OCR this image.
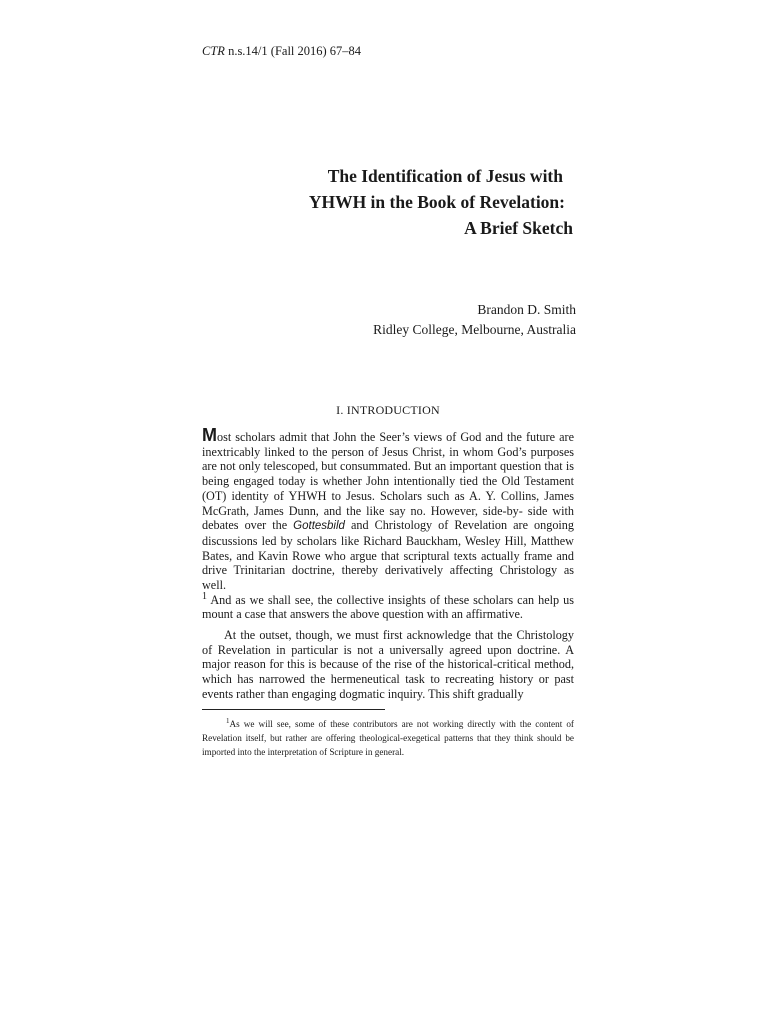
CTR n.s.14/1 (Fall 2016) 67–84
The Identification of Jesus with
YHWH in the Book of Revelation:
A Brief Sketch
Brandon D. Smith
Ridley College, Melbourne, Australia
I. INTRODUCTION
Most scholars admit that John the Seer’s views of God and the future are inextricably linked to the person of Jesus Christ, in whom God’s purposes are not only telescoped, but consummated. But an important question that is being engaged today is whether John intentionally tied the Old Testament (OT) identity of YHWH to Jesus. Scholars such as A. Y. Collins, James McGrath, James Dunn, and the like say no. However, side-by- side with debates over the Gottesbild and Christology of Revelation are ongoing discussions led by scholars like Richard Bauckham, Wesley Hill, Matthew Bates, and Kavin Rowe who argue that scriptural texts actually frame and drive Trinitarian doctrine, thereby derivatively affecting Christology as well.
$^1$ And as we shall see, the collective insights of these scholars can help us mount a case that answers the above question with an affirmative.
At the outset, though, we must first acknowledge that the Christology of Revelation in particular is not a universally agreed upon doctrine. A major reason for this is because of the rise of the historical-critical method, which has narrowed the hermeneutical task to recreating history or past events rather than engaging dogmatic inquiry. This shift gradually
$^1$As we will see, some of these contributors are not working directly with the content of Revelation itself, but rather are offering theological-exegetical patterns that they think should be imported into the interpretation of Scripture in general.
